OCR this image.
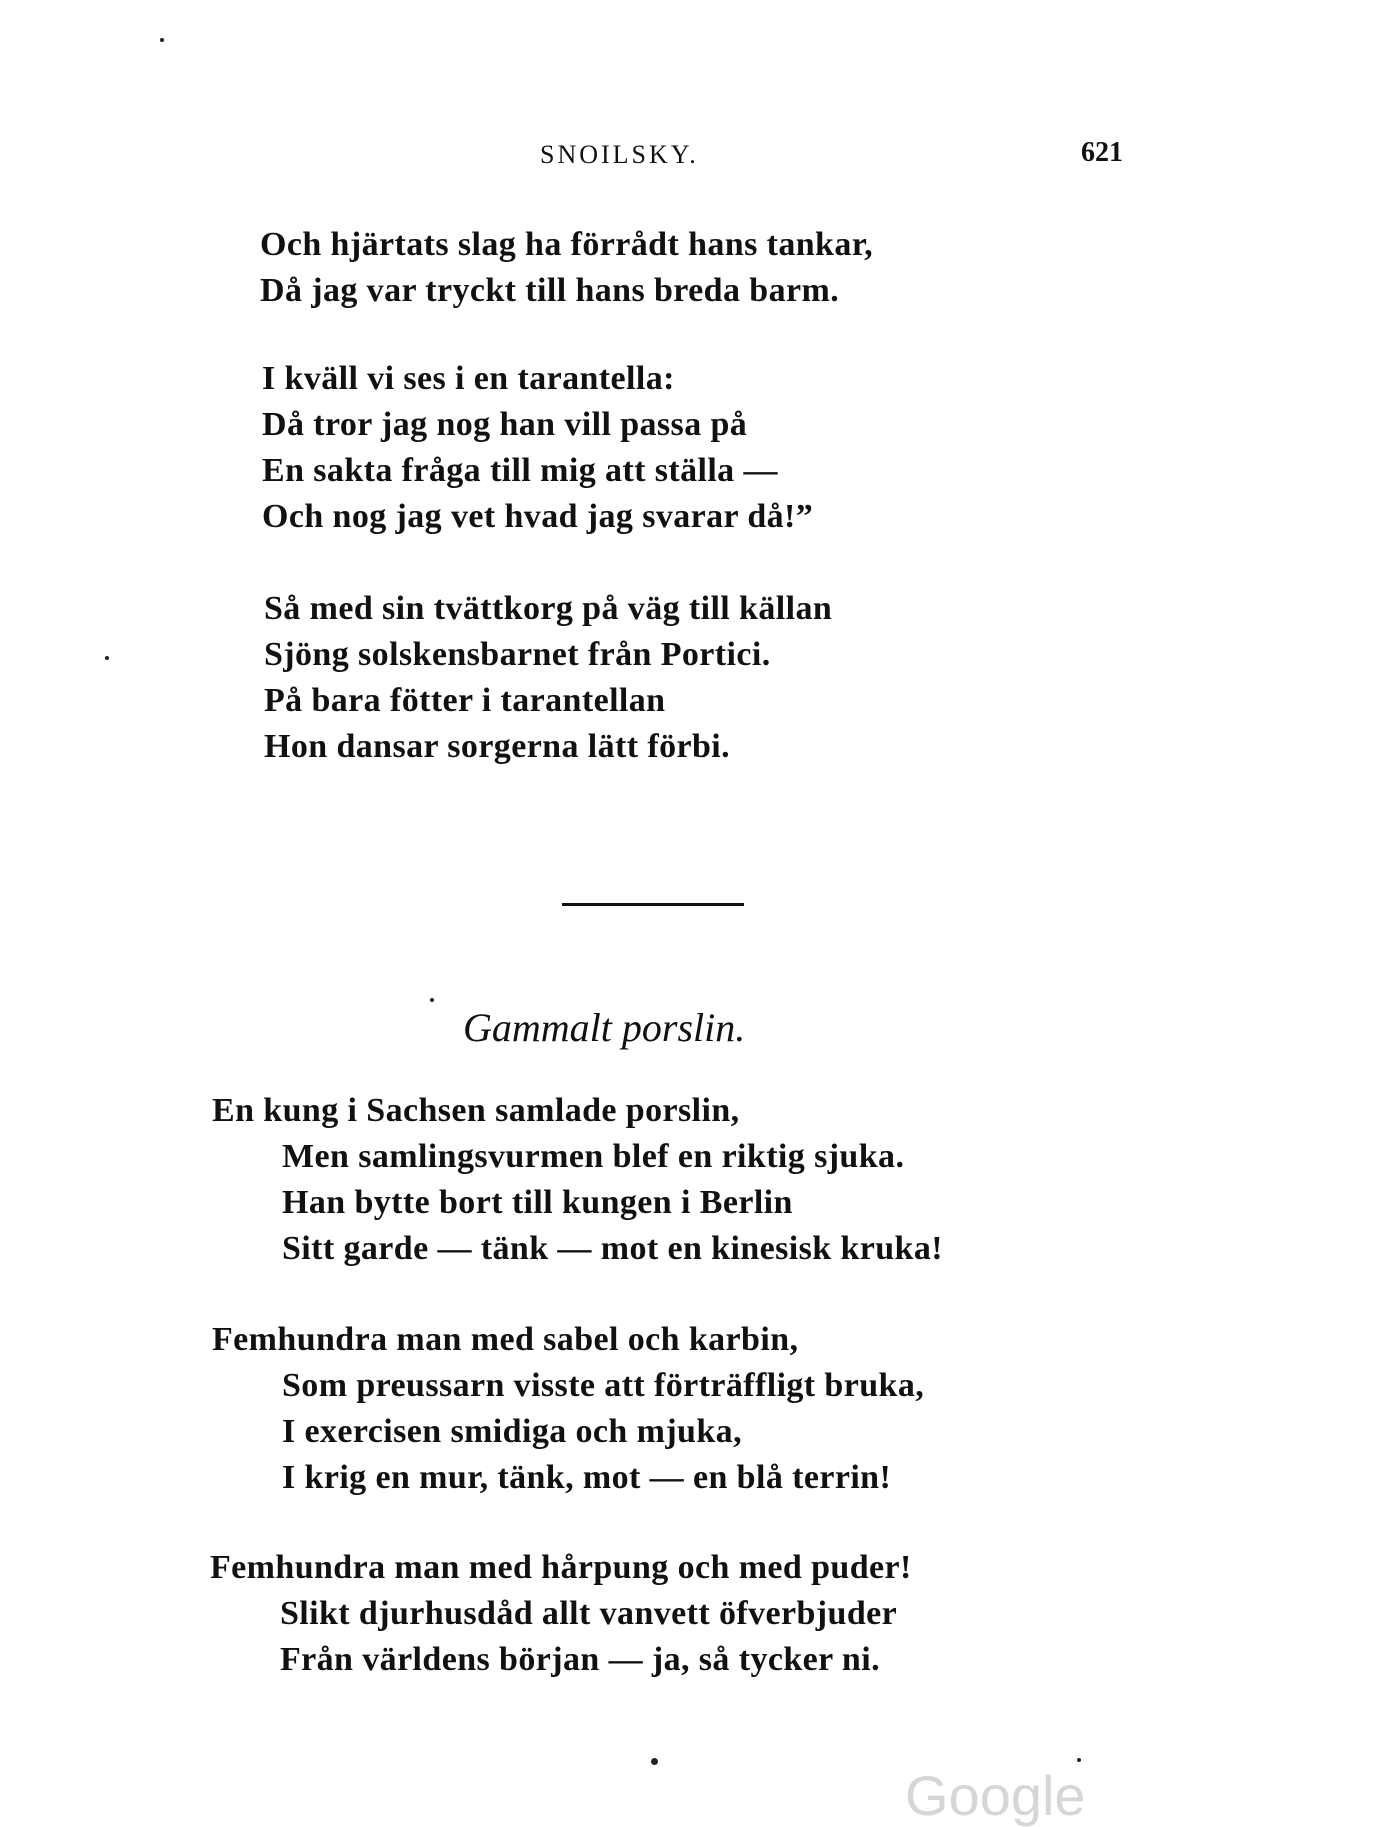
SNOILSKY.	621
Och hjärtats slag ha förrådt hans tankar,
Då jag var tryckt till hans breda barm.
I kväll vi ses i en tarantella:
Då tror jag nog han vill passa på
En sakta fråga till mig att ställa —
Och nog jag vet hvad jag svarar då!”
Så med sin tvättkorg på väg till källan
Sjöng solskensbarnet från Portici.
På bara fötter i tarantellan
Hon dansar sorgerna lätt förbi.
Gammalt porslin.
En kung i Sachsen samlade porslin,
Men samlingsvurmen blef en riktig sjuka.
Han bytte bort till kungen i Berlin
Sitt garde — tänk — mot en kinesisk kruka!
Femhundra man med sabel och karbin,
Som preussarn visste att förträffligt bruka,
I exercisen smidiga och mjuka,
I krig en mur, tänk, mot — en blå terrin!
Femhundra man med hårpung och med puder!
Slikt djurhusdåd allt vanvett öfverbjuder
Från världens början — ja, så tycker ni.
Google
